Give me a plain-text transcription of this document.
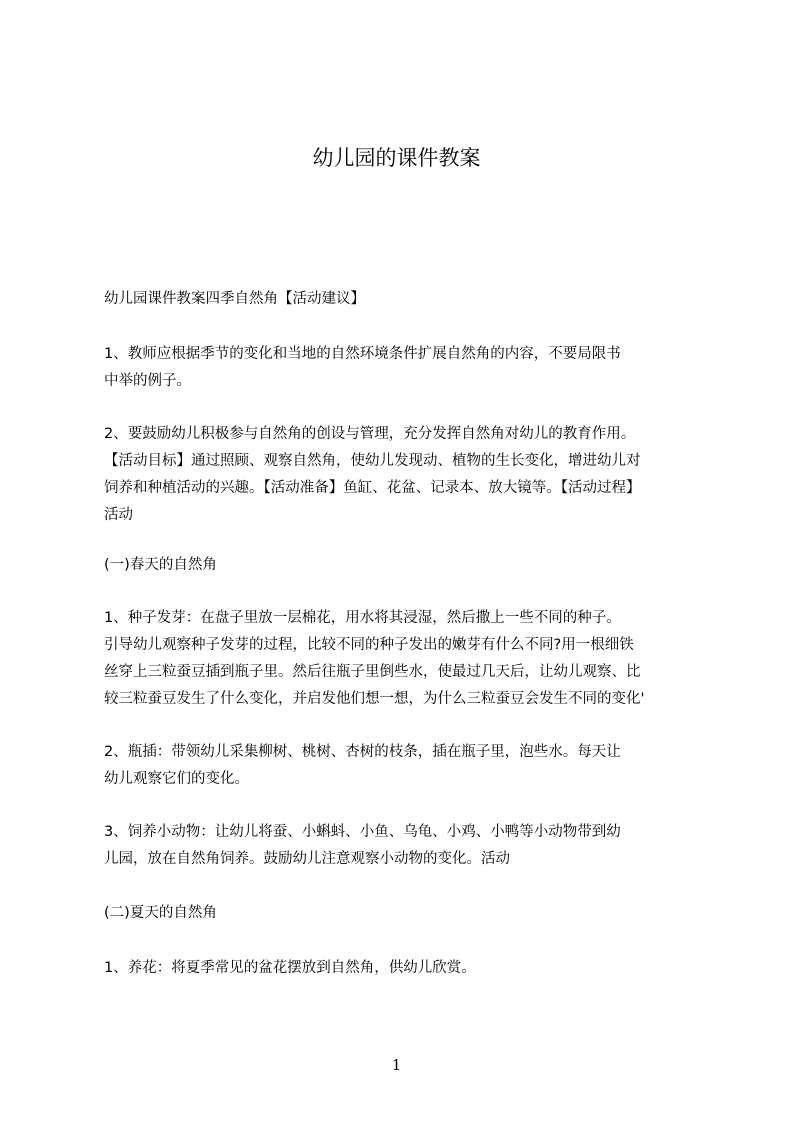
幼儿园的课件教案

幼儿园课件教案四季自然角【活动建议】

1、教师应根据季节的变化和当地的自然环境条件扩展自然角的内容，不要局限书
中举的例子。

2、要鼓励幼儿积极参与自然角的创设与管理，充分发挥自然角对幼儿的教育作用。
【活动目标】通过照顾、观察自然角，使幼儿发现动、植物的生长变化，增进幼儿对
饲养和种植活动的兴趣。【活动准备】鱼缸、花盆、记录本、放大镜等。【活动过程】
活动

(一)春天的自然角

1、种子发芽：在盘子里放一层棉花，用水将其浸湿，然后撒上一些不同的种子。
引导幼儿观察种子发芽的过程，比较不同的种子发出的嫩芽有什么不同?用一根细铁
丝穿上三粒蚕豆插到瓶子里。然后往瓶子里倒些水，使最过几天后，让幼儿观察、比
较三粒蚕豆发生了什么变化，并启发他们想一想，为什么三粒蚕豆会发生不同的变化'

2、瓶插：带领幼儿采集柳树、桃树、杏树的枝条，插在瓶子里，泡些水。每天让
幼儿观察它们的变化。

3、饲养小动物：让幼儿将蚕、小蝌蚪、小鱼、乌龟、小鸡、小鸭等小动物带到幼
儿园，放在自然角饲养。鼓励幼儿注意观察小动物的变化。活动

(二)夏天的自然角

1、养花：将夏季常见的盆花摆放到自然角，供幼儿欣赏。

1
